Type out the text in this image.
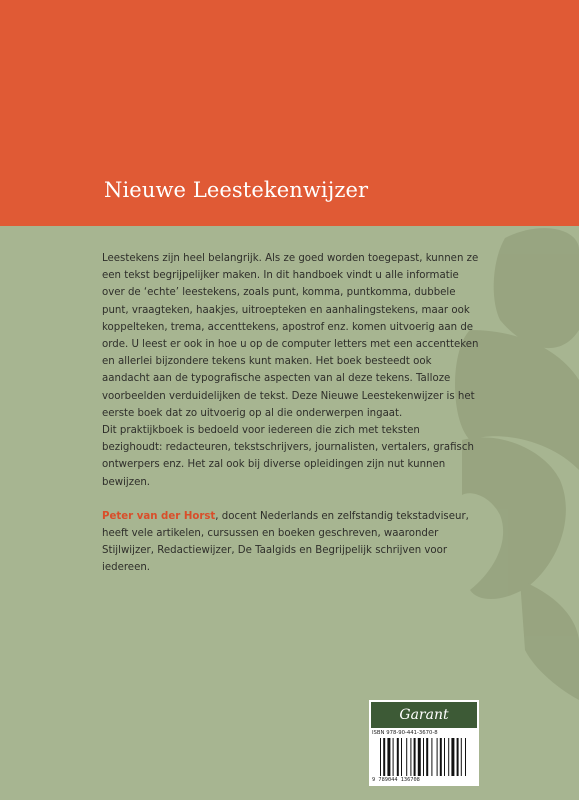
Nieuwe Leestekenwijzer

Leestekens zijn heel belangrijk. Als ze goed worden toegepast, kunnen ze een tekst begrijpelijker maken. In dit handboek vindt u alle informatie over de ‘echte’ leestekens, zoals punt, komma, puntkomma, dubbele punt, vraagteken, haakjes, uitroepteken en aanhalingstekens, maar ook koppelteken, trema, accenttekens, apostrof enz. komen uitvoerig aan de orde. U leest er ook in hoe u op de computer letters met een accentteken en allerlei bijzondere tekens kunt maken. Het boek besteedt ook aandacht aan de typografische aspecten van al deze tekens. Talloze voorbeelden verduidelijken de tekst. Deze Nieuwe Leestekenwijzer is het eerste boek dat zo uitvoerig op al die onderwerpen ingaat.

Dit praktijkboek is bedoeld voor iedereen die zich met teksten bezighoudt: redacteuren, tekstschrijvers, journalisten, vertalers, grafisch ontwerpers enz. Het zal ook bij diverse opleidingen zijn nut kunnen bewijzen.

Peter van der Horst, docent Nederlands en zelfstandig tekstadviseur, heeft vele artikelen, cursussen en boeken geschreven, waaronder Stijlwijzer, Redactiewijzer, De Taalgids en Begrijpelijk schrijven voor iedereen.

Garant
ISBN 978-90-441-3670-8
9 789044 136708
